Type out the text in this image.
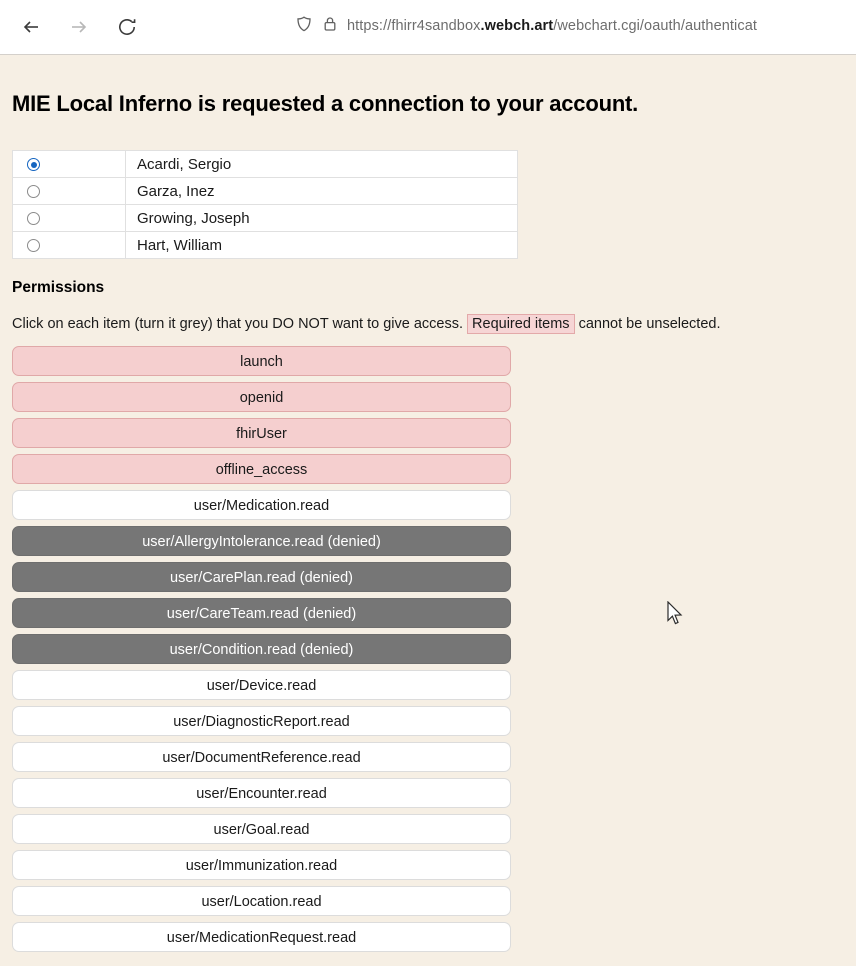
https://fhirr4sandbox.webch.art/webchart.cgi/oauth/authenticat
MIE Local Inferno is requested a connection to your account.
	Acardi, Sergio
	Garza, Inez
	Growing, Joseph
	Hart, William
Permissions

Click on each item (turn it grey) that you DO NOT want to give access. Required items cannot be unselected.

launch
openid
fhirUser
offline_access
user/Medication.read
user/AllergyIntolerance.read (denied)
user/CarePlan.read (denied)
user/CareTeam.read (denied)
user/Condition.read (denied)
user/Device.read
user/DiagnosticReport.read
user/DocumentReference.read
user/Encounter.read
user/Goal.read
user/Immunization.read
user/Location.read
user/MedicationRequest.read
